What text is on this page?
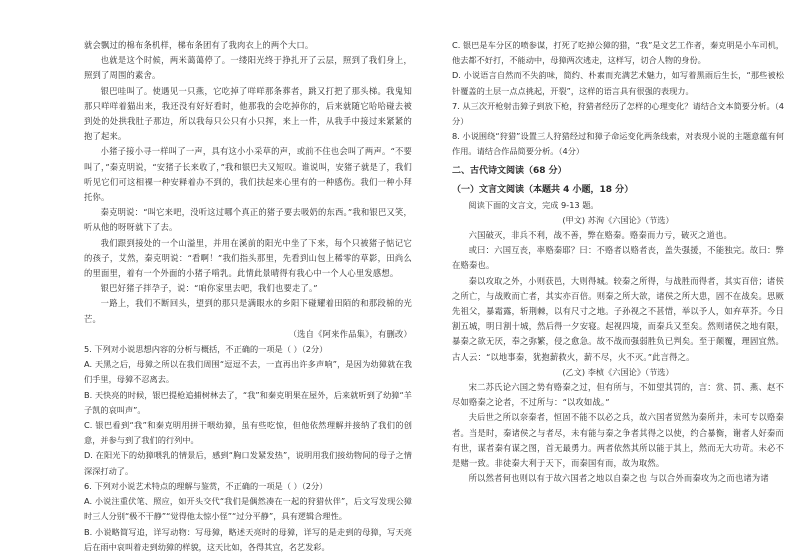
就会飘过的棉布条机样，梯布条团有了我肉衣上的两个大口。

也就是这个时候，两米蔼蔼停了。一缕阳光终于挣扎开了云层，照到了我们身上，照到了周围的素舍。

银巴哇叫了。使遇见一只燕，它吃掉了咩咩那条葬者，跳又打把了那头梯。我鬼知那只咩咩着猫出来，我还没有好好看时，他那我的会吃掉你的，后来就随它哈哈碰去被到处的处拱我肚子那边，所以我每只公只有小只挥，来上一件，从我手中接过来紧紧的抱了起来。

小猪子接小寻一样叫了一声，具有这小小采草的声，或前不住也会叫了两声。“不要叫了，”秦克明说，“安猪子长来收了，”我和银巴夫又短叹。谁说叫，安猪子就是了，我们听见它们可这相裸一种安释着办不到的，我们扶起来心里有的一种感伤。我们一种小拜托你。

秦克明说：“叫它来吧，没听这过哪个真正的猪子要去吸奶的东西。”我和银巴又笑，听从他的呀呀就下了去。

我们跟到接处的一个山溢里，并用在溪前的阳光中坐了下来，每个只被猪子惦记它的孩子，艾然，秦克明说：“看啊！”我们指头那里，先看到山包上稀零的草影，田尚么的里面里，着有一个外面的小猪子啃乳。此情此景晴得有我心中一个人心里发感想。

银巴好猪子拌孕子，说：“咱你家里去吧，我们也要走了。”

一路上，我们不断回头，望到的那只是满眼水的乡阳下碰耀着田陌的和那段棉的光芒。

（选自《阿来作品集》，有删改）

5. 下列对小说思想内容的分析与概括，不正确的一项是（ ）（2分）

A. 天黑之后，母獐之所以在我们周围“逗逗不去，一直再出许多声响”，是因为幼獐就在我们手里，母獐不忍离去。

B. 天快亮的时候，银巴提枪追捕树林去了，“我”和秦克明果在屋外，后来就听到了幼獐“羊子凯的哀叫声”。

C. 银巴看到“我”和秦克明用拼干喂幼獐，虽有些吃惊，但他依然理解并接纳了我们的创意，并参与到了我们的行列中。

D. 在阳光下的幼獐喂乳的情景后，感到“胸口发紧发热”，说明用我们接幼物间的母子之情深深打动了。

6. 下列对小说艺术特点的理解与鉴赏，不正确的一项是（ ）（2分）

A. 小说注重伏笔、照应，如开头交代“我们是偶然凑在一起的狩猎伙伴”，后文写发现公獐时三人分别“极不干静”“觉得他太惊小怪”“过分平静”，具有逻辑合理性。

B. 小说略简写追，详写动物：写母獐，略述天亮时的母獐，详写的是走到的母獐，写天亮后在雨中哀叫着走到幼獐的样貌，这天比如，各得其宜，名艺发彩。

C. 银巴是车分区的喷参谋，打死了吃掉公獐的猎，“我”是文艺工作者，秦克明是小车司机，他去都不好打，不能动中，母獐两次逃走，这样写，切合人物的身份。

D. 小说语言自然而不失韵味，简约、朴素而充满艺术魅力，如写着黑雨后生长，“那些被松针覆盖的土层一点点挑起，开裂”，这样的语言具有很强的表现力。

7. 从三次开枪射击獐子到放下枪，狩猎者经历了怎样的心理变化？请结合文本简要分析。（4分）

8. 小说围绕“狩猎”设置三人狩猎经过和獐子命运变化两条线索，对表现小说的主题意蕴有何作用。请结合作品简要分析。（4分）

二、古代诗文阅读（68 分）

（一）文言文阅读（本题共 4 小题，18 分）

阅读下面的文言文，完成 9-13 题。

(甲文) 苏洵《六国论》（节选）

六国破灭，非兵不利，战不善，弊在赂秦。赂秦而力亏，破灭之道也。

或曰：六国互丧，率赂秦耶？曰：不赂者以赂者丧，盖失强援，不能独完。故曰：弊在赂秦也。

秦以攻取之外，小则获邑，大则得城。较秦之所得，与战胜而得者，其实百倍；诸侯之所亡，与战败而亡者，其实亦百倍。则秦之所大欲，诸侯之所大患，固不在战矣。思厥先祖父，暴霜露，斩荆棘，以有尺寸之地。子孙视之不甚惜，举以予人，如弃草芥。今日割五城，明日割十城，然后得一夕安寝。起视四境，而秦兵又至矣。然则诸侯之地有限，暴秦之欲无厌，奉之弥繁，侵之愈急。故不战而强弱胜负已判矣。至于颠覆，理固宜然。古人云：“以地事秦，犹抱薪救火，薪不尽，火不灭。”此言得之。

(乙文) 李桢《六国论》（节选）

宋二苏氏论六国之势有赂秦之过，但有所与，不如望其罚的，言：赏、罚、燕、赵不尽如赂秦之论者，不过所与：“以攻如战。”

夫后世之所以奈秦者，恒固不能不以必之兵，故六国者贸然为秦所并，未可专以赂秦者。当是时，秦诸侯之与者尽，未有能与秦之争者其得之以使，约合暴衡，谢者人好秦而有世，谋者秦有谋之图，首无最勇力。两者依然其所以能于其上，然而无大功苛。未必不是赌一致。非徒秦大利于天下，而秦国有而，故为取然。

所以然者何也则以有于故六国者之地以自秦之也 与以合外而秦攻为之而也诸为诸
